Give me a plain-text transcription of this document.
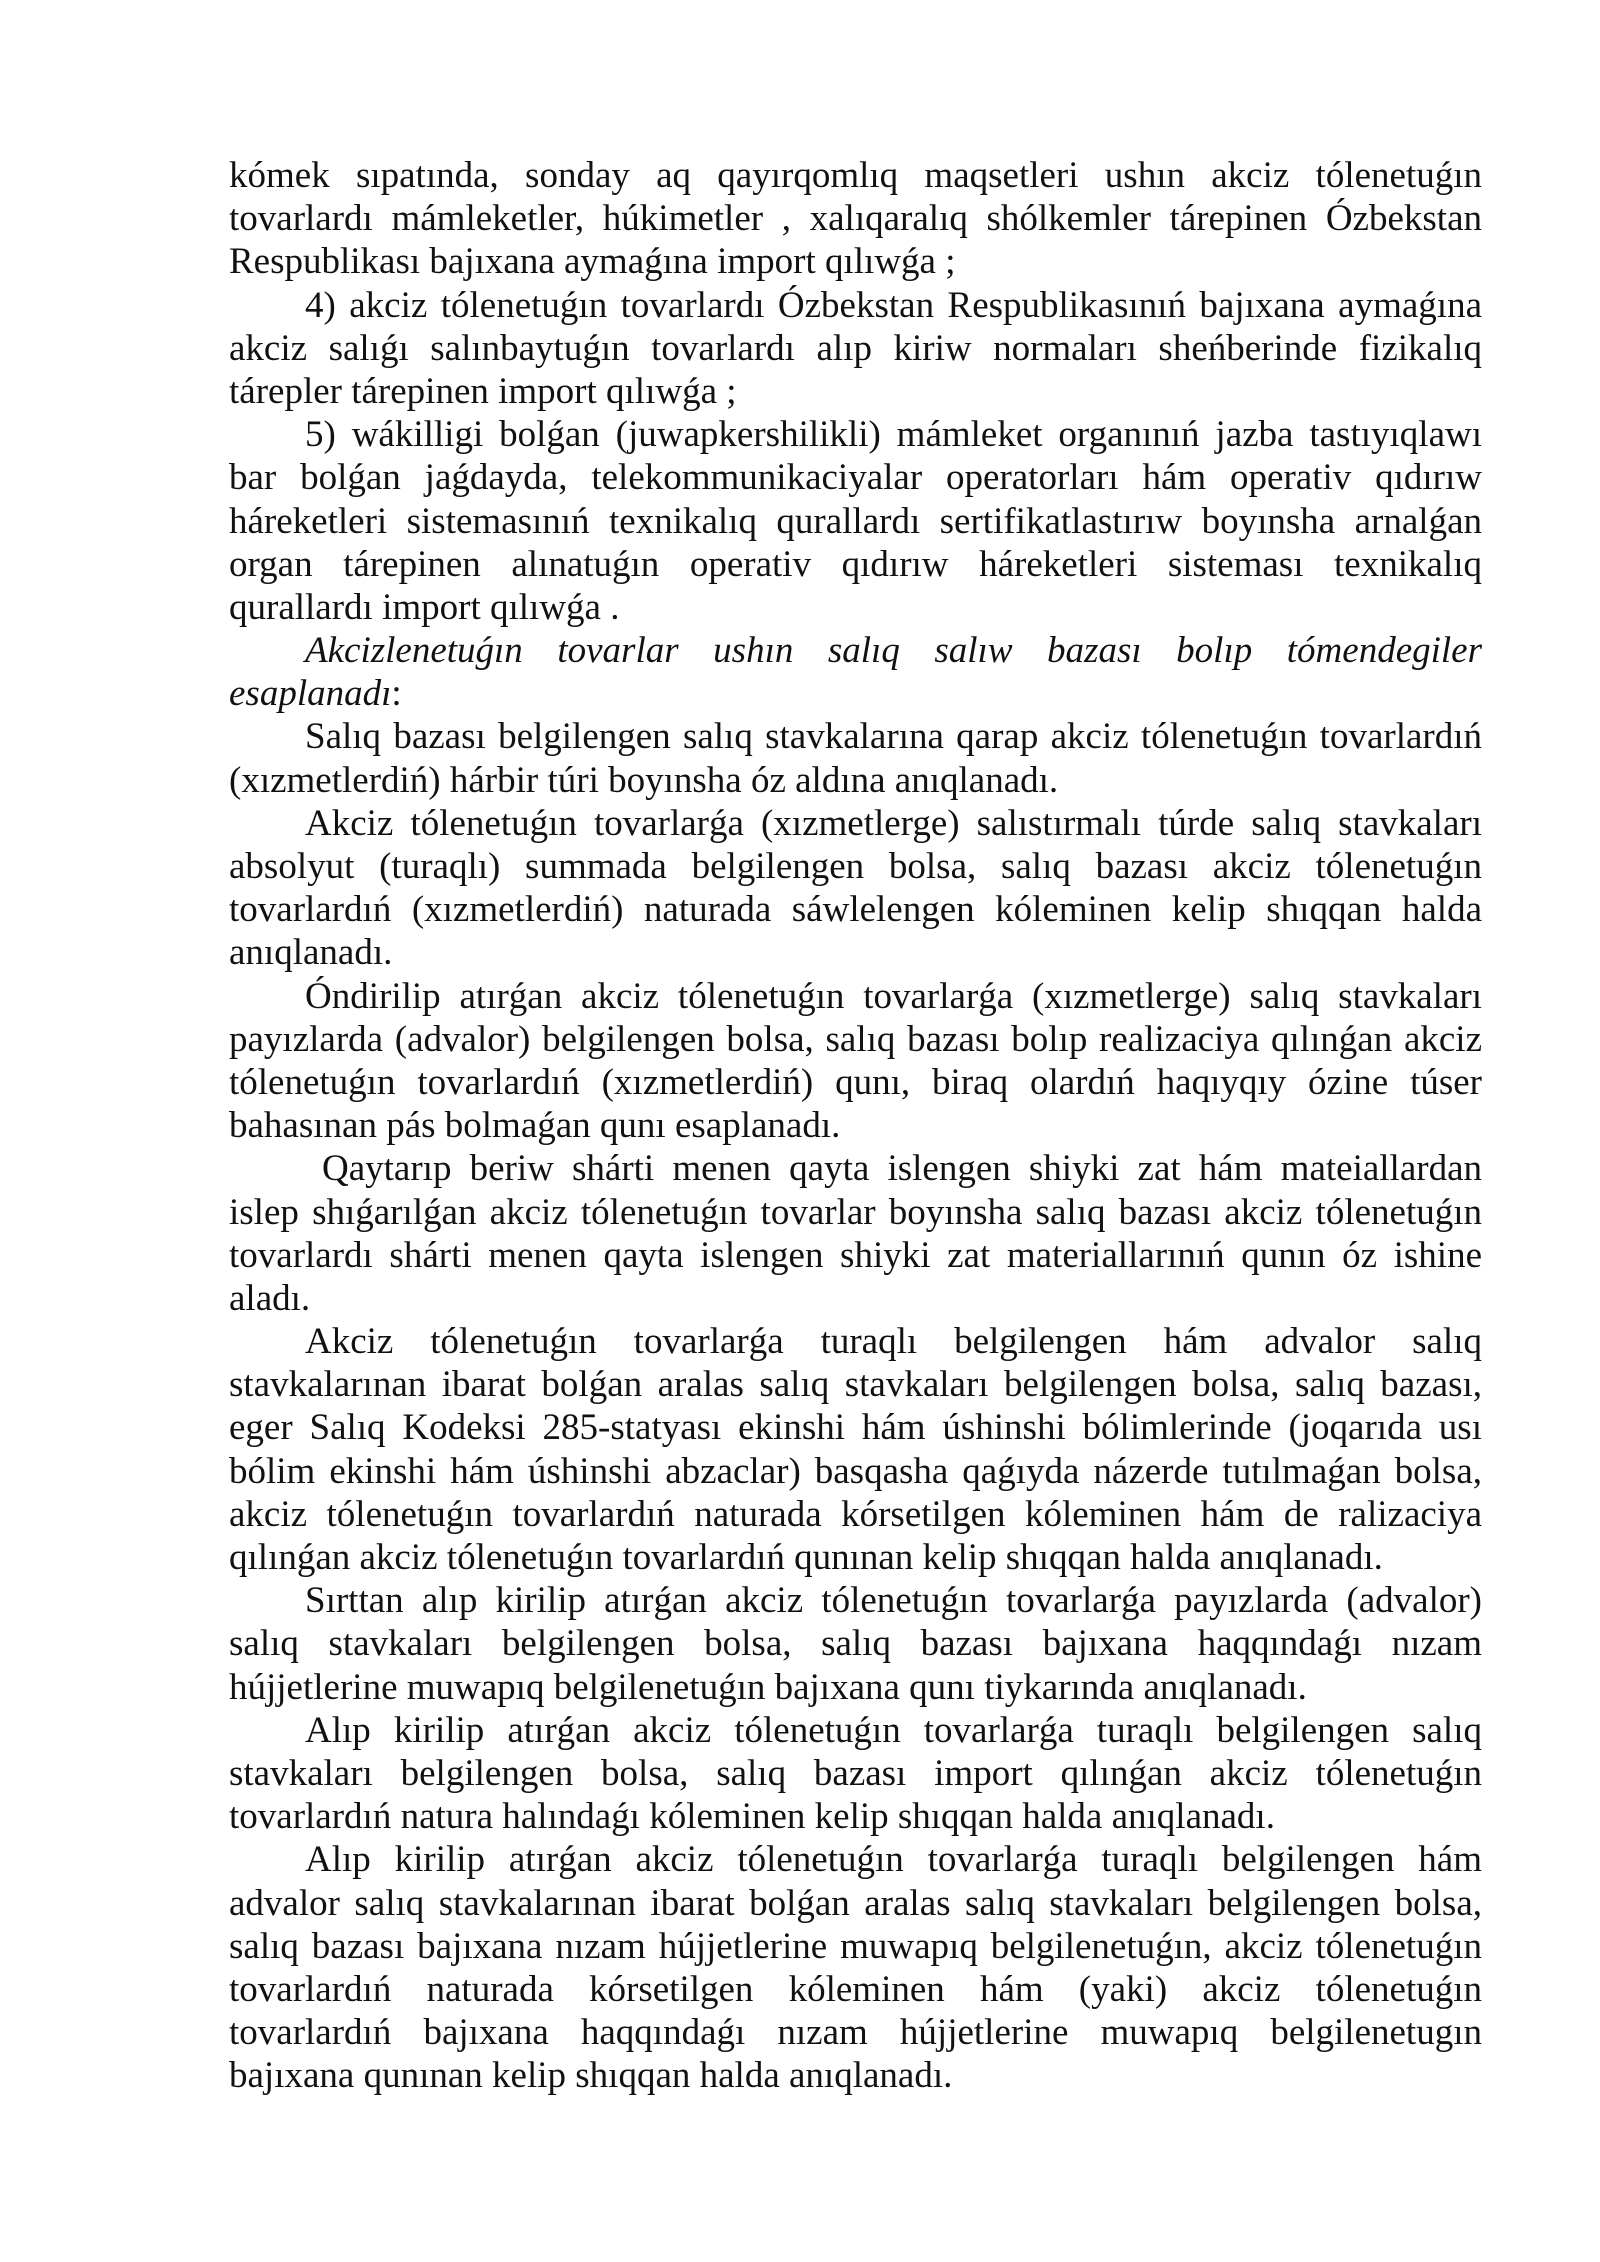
kómek sıpatında, sonday aq qayırqomlıq maqsetleri ushın akciz tólenetuǵın
tovarlardı mámleketler, húkimetler , xalıqaralıq shólkemler tárepinen Ózbekstan
Respublikası bajıxana aymaǵına import qılıwǵa ;
4) akciz tólenetuǵın tovarlardı Ózbekstan Respublikasınıń bajıxana aymaǵına
akciz salıǵı salınbaytuǵın tovarlardı alıp kiriw normaları sheńberinde fizikalıq
tárepler tárepinen import qılıwǵa ;
5) wákilligi bolǵan (juwapkershilikli) mámleket organınıń jazba tastıyıqlawı
bar bolǵan jaǵdayda, telekommunikaciyalar operatorları hám operativ qıdırıw
háreketleri sistemasınıń texnikalıq qurallardı sertifikatlastırıw boyınsha arnalǵan
organ tárepinen alınatuǵın operativ qıdırıw háreketleri sisteması texnikalıq
qurallardı import qılıwǵa .
Akcizlenetuǵın tovarlar ushın salıq salıw bazası bolıp tómendegiler
esaplanadı:
Salıq bazası belgilengen salıq stavkalarına qarap akciz tólenetuǵın tovarlardıń
(xızmetlerdiń) hárbir túri boyınsha óz aldına anıqlanadı.
Akciz tólenetuǵın tovarlarǵa (xızmetlerge) salıstırmalı túrde salıq stavkaları
absolyut (turaqlı) summada belgilengen bolsa, salıq bazası akciz tólenetuǵın
tovarlardıń (xızmetlerdiń) naturada sáwlelengen kóleminen kelip shıqqan halda
anıqlanadı.
Óndirilip atırǵan akciz tólenetuǵın tovarlarǵa (xızmetlerge) salıq stavkaları
payızlarda (advalor) belgilengen bolsa, salıq bazası bolıp realizaciya qılınǵan akciz
tólenetuǵın tovarlardıń (xızmetlerdiń) qunı, biraq olardıń haqıyqıy ózine túser
bahasınan pás bolmaǵan qunı esaplanadı.
Qaytarıp beriw shárti menen qayta islengen shiyki zat hám mateiallardan
islep shıǵarılǵan akciz tólenetuǵın tovarlar boyınsha salıq bazası akciz tólenetuǵın
tovarlardı shárti menen qayta islengen shiyki zat materiallarınıń qunın óz ishine
aladı.
Akciz tólenetuǵın tovarlarǵa turaqlı belgilengen hám advalor salıq
stavkalarınan ibarat bolǵan aralas salıq stavkaları belgilengen bolsa, salıq bazası,
eger Salıq Kodeksi 285-statyası ekinshi hám úshinshi bólimlerinde (joqarıda usı
bólim ekinshi hám úshinshi abzaclar) basqasha qaǵıyda názerde tutılmaǵan bolsa,
akciz tólenetuǵın tovarlardıń naturada kórsetilgen kóleminen hám de ralizaciya
qılınǵan akciz tólenetuǵın tovarlardıń qunınan kelip shıqqan halda anıqlanadı.
Sırttan alıp kirilip atırǵan akciz tólenetuǵın tovarlarǵa payızlarda (advalor)
salıq stavkaları belgilengen bolsa, salıq bazası bajıxana haqqındaǵı nızam
hújjetlerine muwapıq belgilenetuǵın bajıxana qunı tiykarında anıqlanadı.
Alıp kirilip atırǵan akciz tólenetuǵın tovarlarǵa turaqlı belgilengen salıq
stavkaları belgilengen bolsa, salıq bazası import qılınǵan akciz tólenetuǵın
tovarlardıń natura halındaǵı kóleminen kelip shıqqan halda anıqlanadı.
Alıp kirilip atırǵan akciz tólenetuǵın tovarlarǵa turaqlı belgilengen hám
advalor salıq stavkalarınan ibarat bolǵan aralas salıq stavkaları belgilengen bolsa,
salıq bazası bajıxana nızam hújjetlerine muwapıq belgilenetuǵın, akciz tólenetuǵın
tovarlardıń naturada kórsetilgen kóleminen hám (yaki) akciz tólenetuǵın
tovarlardıń bajıxana haqqındaǵı nızam hújjetlerine muwapıq belgilenetugın
bajıxana qunınan kelip shıqqan halda anıqlanadı.
